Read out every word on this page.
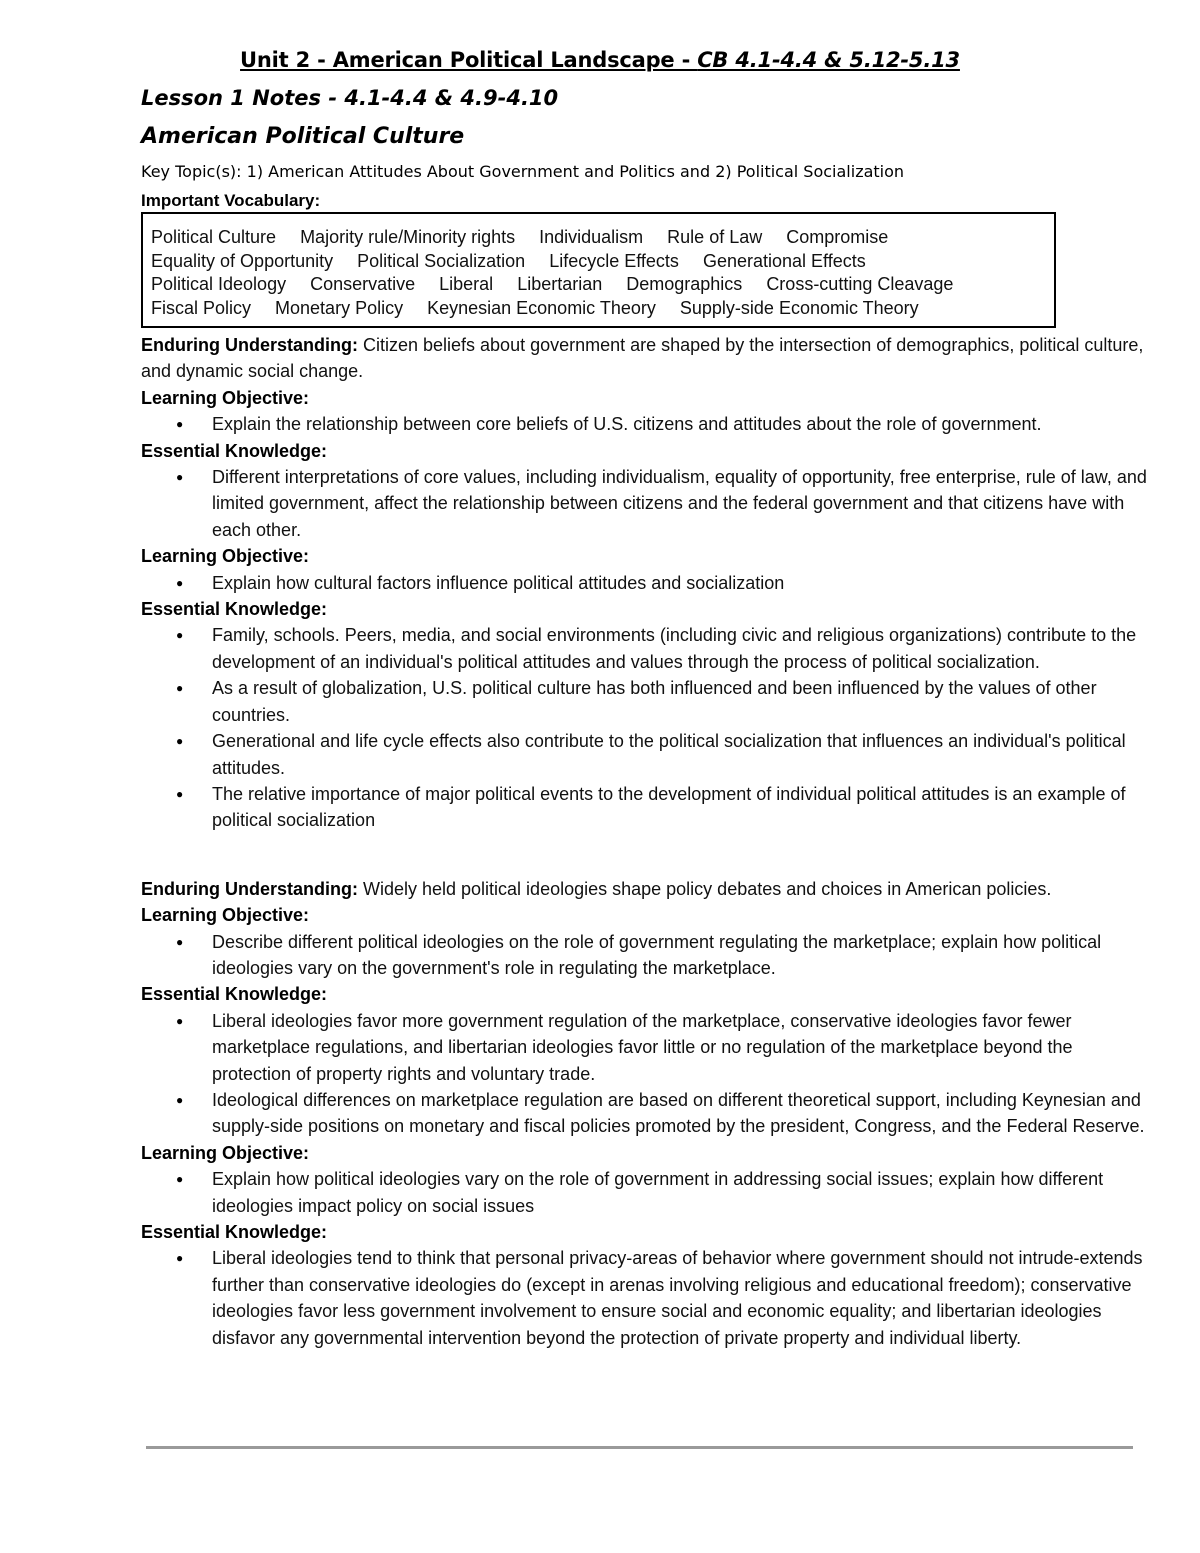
Unit 2 - American Political Landscape - CB 4.1-4.4 & 5.12-5.13
Lesson 1 Notes - 4.1-4.4 & 4.9-4.10
American Political Culture
Key Topic(s): 1) American Attitudes About Government and Politics and 2) Political Socialization
Important Vocabulary:
Political Culture Majority rule/Minority rights Individualism Rule of Law Compromise
Equality of Opportunity Political Socialization Lifecycle Effects Generational Effects
Political Ideology Conservative Liberal Libertarian Demographics Cross-cutting Cleavage
Fiscal Policy Monetary Policy Keynesian Economic Theory Supply-side Economic Theory

Enduring Understanding: Citizen beliefs about government are shaped by the intersection of demographics, political culture, and dynamic social change.

Learning Objective:

● Explain the relationship between core beliefs of U.S. citizens and attitudes about the role of government.

Essential Knowledge:

● Different interpretations of core values, including individualism, equality of opportunity, free enterprise, rule of law, and limited government, affect the relationship between citizens and the federal government and that citizens have with each other.

Learning Objective:

● Explain how cultural factors influence political attitudes and socialization

Essential Knowledge:

● Family, schools. Peers, media, and social environments (including civic and religious organizations) contribute to the development of an individual's political attitudes and values through the process of political socialization.

● As a result of globalization, U.S. political culture has both influenced and been influenced by the values of other countries.

● Generational and life cycle effects also contribute to the political socialization that influences an individual's political attitudes.

● The relative importance of major political events to the development of individual political attitudes is an example of political socialization

Enduring Understanding: Widely held political ideologies shape policy debates and choices in American policies.

Learning Objective:

● Describe different political ideologies on the role of government regulating the marketplace; explain how political ideologies vary on the government's role in regulating the marketplace.

Essential Knowledge:

● Liberal ideologies favor more government regulation of the marketplace, conservative ideologies favor fewer marketplace regulations, and libertarian ideologies favor little or no regulation of the marketplace beyond the protection of property rights and voluntary trade.

● Ideological differences on marketplace regulation are based on different theoretical support, including Keynesian and supply-side positions on monetary and fiscal policies promoted by the president, Congress, and the Federal Reserve.

Learning Objective:

● Explain how political ideologies vary on the role of government in addressing social issues; explain how different ideologies impact policy on social issues

Essential Knowledge:

● Liberal ideologies tend to think that personal privacy-areas of behavior where government should not intrude-extends further than conservative ideologies do (except in arenas involving religious and educational freedom); conservative ideologies favor less government involvement to ensure social and economic equality; and libertarian ideologies disfavor any governmental intervention beyond the protection of private property and individual liberty.
